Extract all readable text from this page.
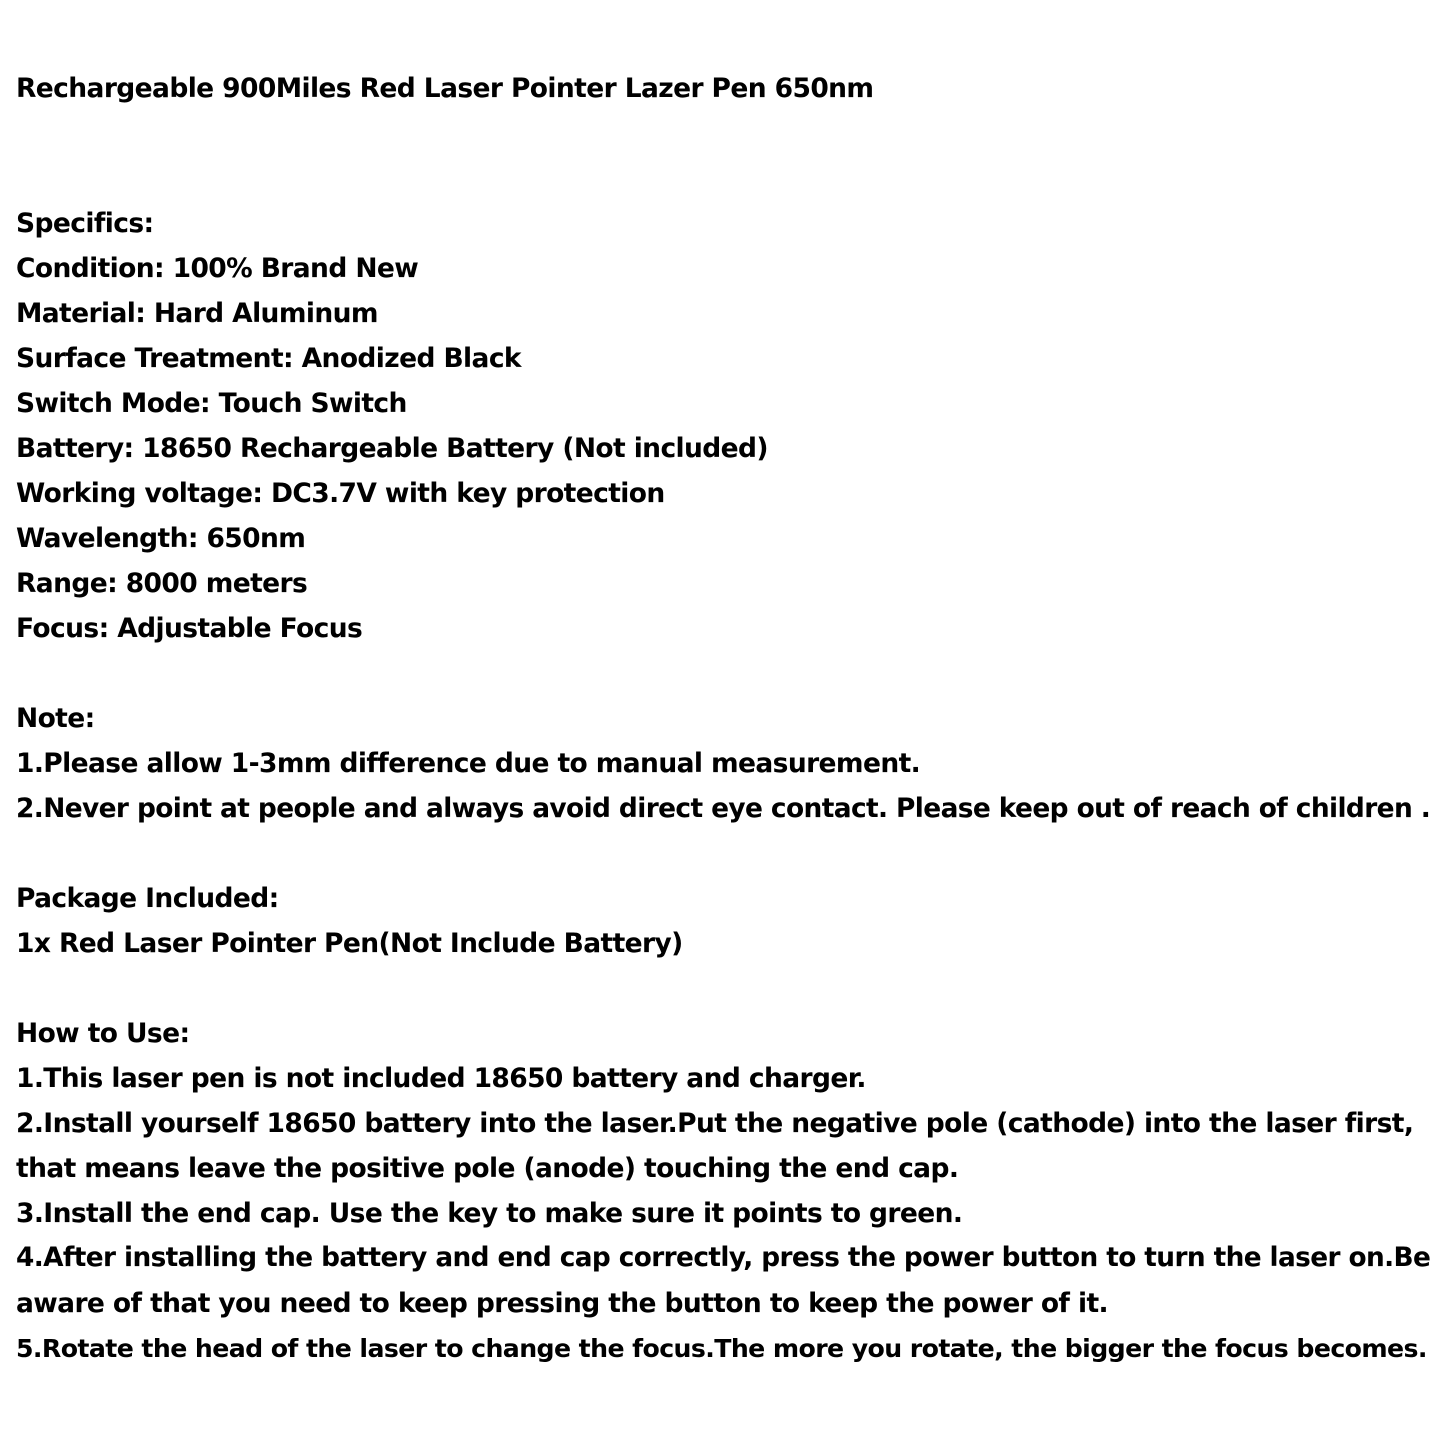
Rechargeable 900Miles Red Laser Pointer Lazer Pen 650nm
Specifics:
Condition: 100% Brand New
Material: Hard Aluminum
Surface Treatment: Anodized Black
Switch Mode: Touch Switch
Battery: 18650 Rechargeable Battery (Not included)
Working voltage: DC3.7V with key protection
Wavelength: 650nm
Range: 8000 meters
Focus: Adjustable Focus
Note:
1.Please allow 1-3mm difference due to manual measurement.
2.Never point at people and always avoid direct eye contact. Please keep out of reach of children .
Package Included:
1x Red Laser Pointer Pen(Not Include Battery)
How to Use:
1.This laser pen is not included 18650 battery and charger.
2.Install yourself 18650 battery into the laser.Put the negative pole (cathode) into the laser first,
that means leave the positive pole (anode) touching the end cap.
3.Install the end cap. Use the key to make sure it points to green.
4.After installing the battery and end cap correctly, press the power button to turn the laser on.Be
aware of that you need to keep pressing the button to keep the power of it.
5.Rotate the head of the laser to change the focus.The more you rotate, the bigger the focus becomes.
